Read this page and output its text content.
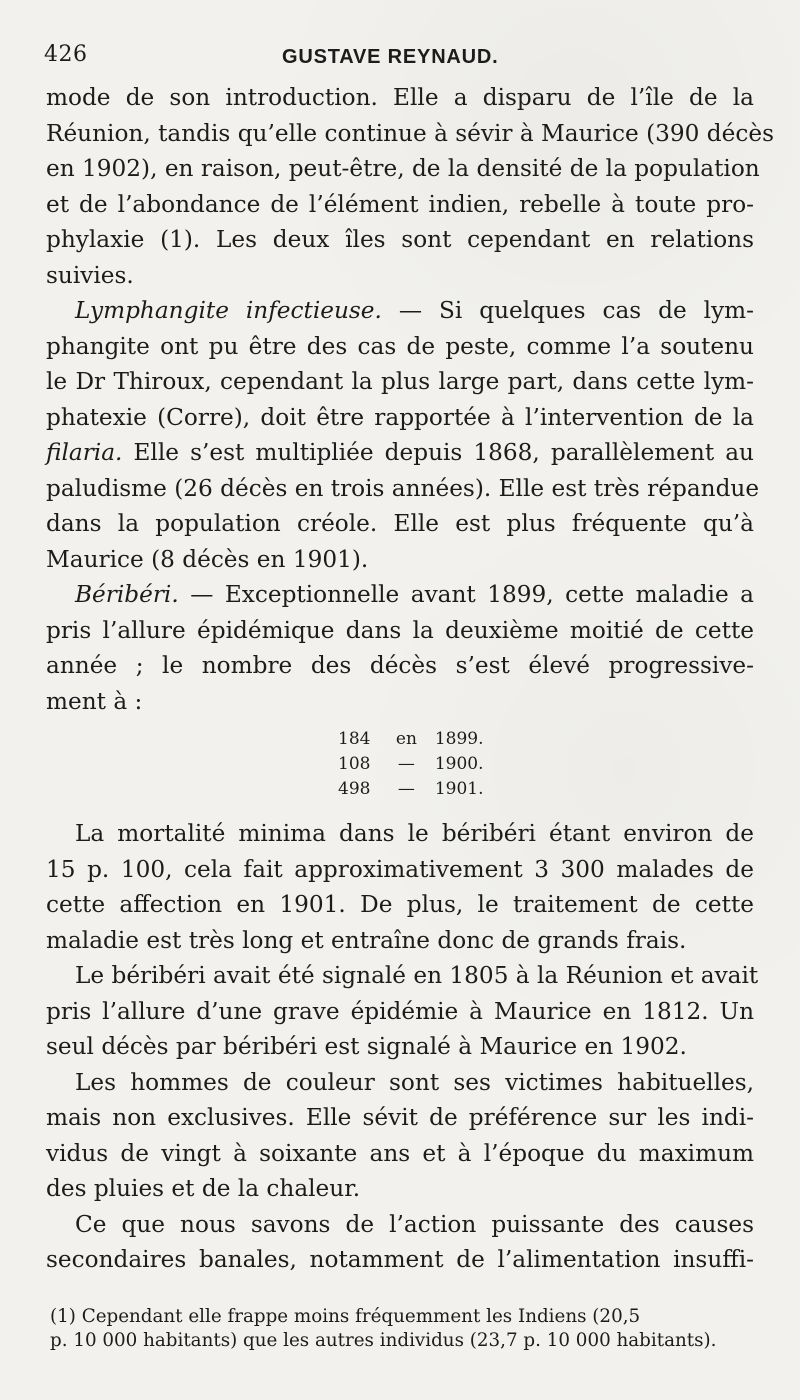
426	GUSTAVE REYNAUD.
mode de son introduction. Elle a disparu de l’île de la
Réunion, tandis qu’elle continue à sévir à Maurice (390 décès
en 1902), en raison, peut-être, de la densité de la population
et de l’abondance de l’élément indien, rebelle à toute pro-
phylaxie (1). Les deux îles sont cependant en relations
suivies.
Lymphangite infectieuse. — Si quelques cas de lym-
phangite ont pu être des cas de peste, comme l’a soutenu
le Dr Thiroux, cependant la plus large part, dans cette lym-
phatexie (Corre), doit être rapportée à l’intervention de la
filaria. Elle s’est multipliée depuis 1868, parallèlement au
paludisme (26 décès en trois années). Elle est très répandue
dans la population créole. Elle est plus fréquente qu’à
Maurice (8 décès en 1901).
Béribéri. — Exceptionnelle avant 1899, cette maladie a
pris l’allure épidémique dans la deuxième moitié de cette
année ; le nombre des décès s’est élevé progressive-
ment à :
184 en 1899.
108 — 1900.
498 — 1901.
La mortalité minima dans le béribéri étant environ de
15 p. 100, cela fait approximativement 3 300 malades de
cette affection en 1901. De plus, le traitement de cette
maladie est très long et entraîne donc de grands frais.
Le béribéri avait été signalé en 1805 à la Réunion et avait
pris l’allure d’une grave épidémie à Maurice en 1812. Un
seul décès par béribéri est signalé à Maurice en 1902.
Les hommes de couleur sont ses victimes habituelles,
mais non exclusives. Elle sévit de préférence sur les indi-
vidus de vingt à soixante ans et à l’époque du maximum
des pluies et de la chaleur.
Ce que nous savons de l’action puissante des causes
secondaires banales, notamment de l’alimentation insuffi-
(1) Cependant elle frappe moins fréquemment les Indiens (20,5
p. 10 000 habitants) que les autres individus (23,7 p. 10 000 habitants).
